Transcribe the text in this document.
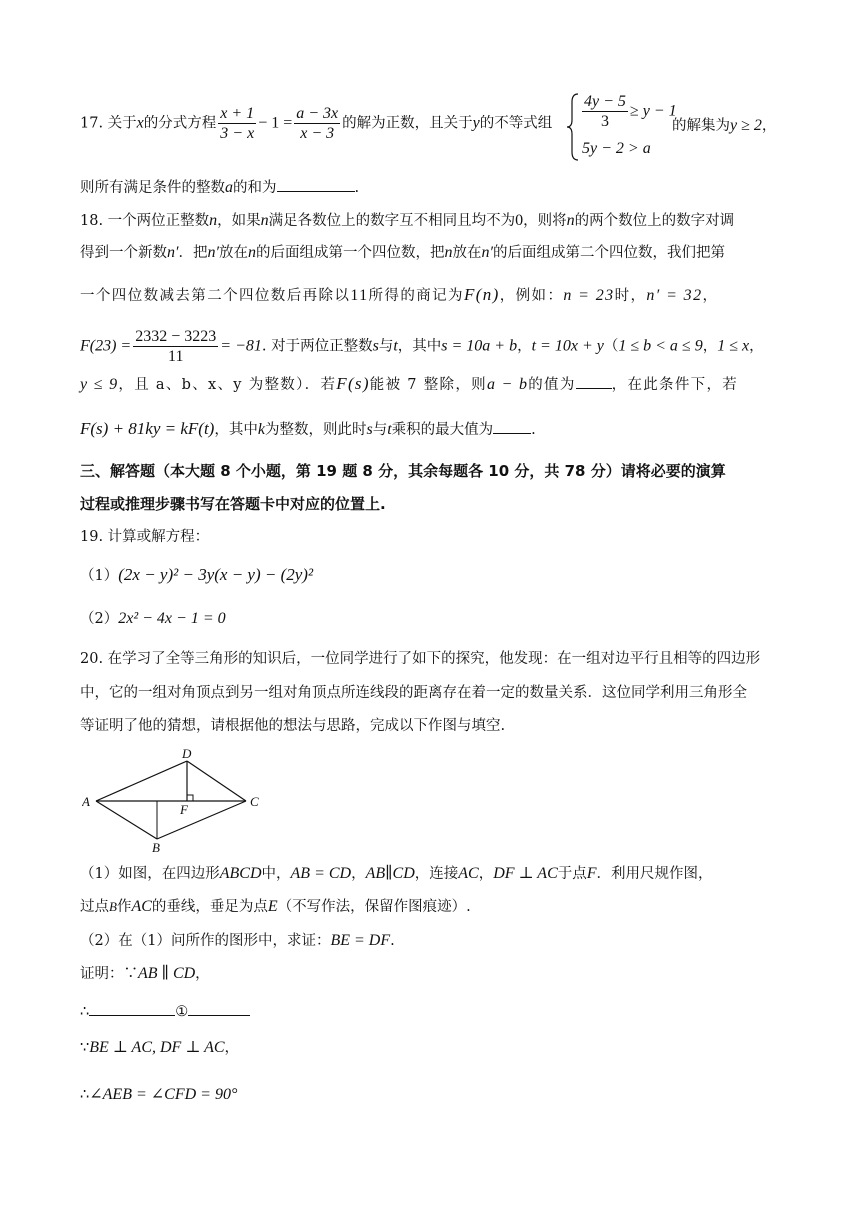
17. 关于x的分式方程 $\frac{x + 1}{3 - x} - 1 = \frac{a - 3x}{x - 3}$ 的解为正数，且关于y的不等式组 $\frac{4y - 5}{3} \ge y - 1$
5y − 2 > a
的解集为y ≥ 2，
则所有满足条件的整数a的和为	.
18. 一个两位正整数n，如果n满足各数位上的数字互不相同且均不为0，则将n的两个数位上的数字对调
得到一个新数n′．把n′放在n的后面组成第一个四位数，把n放在n′的后面组成第二个四位数，我们把第
一个四位数减去第二个四位数后再除以11所得的商记为F(n)，例如：n = 23时，n′ = 32，
$F(23) = \frac{2332 - 3223}{11} = -81$. 对于两位正整数s与t，其中s = 10a + b，t = 10x + y（1 ≤ b < a ≤ 9，1 ≤ x，
y ≤ 9，且 a、b、x、y 为整数）．若F(s)能被 7 整除，则a − b的值为 ，在此条件下，若
F(s) + 81ky = kF(t)，其中k为整数，则此时s与t乘积的最大值为	.
三、解答题（本大题 8 个小题，第 19 题 8 分，其余每题各 10 分，共 78 分）请将必要的演算
过程或推理步骤书写在答题卡中对应的位置上.
19. 计算或解方程：
（1）(2x − y)² − 3y(x − y) − (2y)²
（2）2x² − 4x − 1 = 0
20. 在学习了全等三角形的知识后，一位同学进行了如下的探究，他发现：在一组对边平行且相等的四边形
中，它的一组对角顶点到另一组对角顶点所连线段的距离存在着一定的数量关系．这位同学利用三角形全
等证明了他的猜想，请根据他的想法与思路，完成以下作图与填空.
A
D
C
B
F
（1）如图，在四边形ABCD中，AB = CD，AB∥CD，连接AC，DF ⊥ AC于点F．利用尺规作图，
过点B作AC的垂线，垂足为点E（不写作法，保留作图痕迹）.
（2）在（1）问所作的图形中，求证：BE = DF.
证明：∵AB ∥ CD，
∴	①
∵BE ⊥ AC, DF ⊥ AC，
∴∠AEB = ∠CFD = 90°
